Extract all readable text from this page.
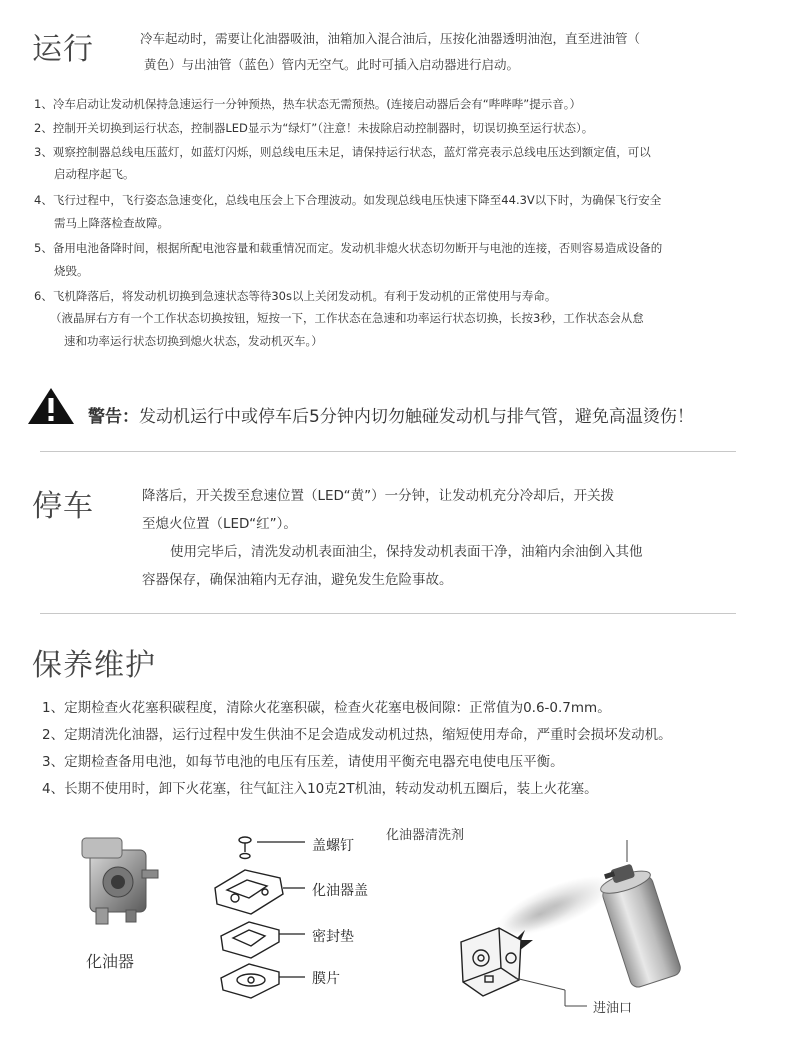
运行	冷车起动时，需要让化油器吸油，油箱加入混合油后，压按化油器透明油泡，直至进油管（
黄色）与出油管（蓝色）管内无空气。此时可插入启动器进行启动。
1、冷车启动让发动机保持急速运行一分钟预热，热车状态无需预热。(连接启动器后会有“哔哔哔”提示音。）
2、控制开关切换到运行状态，控制器LED显示为“绿灯”（注意！未拔除启动控制器时，切误切换至运行状态）。
3、观察控制器总线电压蓝灯，如蓝灯闪烁，则总线电压未足，请保持运行状态，蓝灯常亮表示总线电压达到额定值，可以
启动程序起飞。
4、飞行过程中，飞行姿态急速变化，总线电压会上下合理波动。如发现总线电压快速下降至44.3V以下时，为确保飞行安全
需马上降落检查故障。
5、备用电池备降时间，根据所配电池容量和载重情况而定。发动机非熄火状态切勿断开与电池的连接，否则容易造成设备的
烧毁。
6、飞机降落后，将发动机切换到急速状态等待30s以上关闭发动机。有利于发动机的正常使用与寿命。
（液晶屏右方有一个工作状态切换按钮，短按一下，工作状态在急速和功率运行状态切换，长按3秒，工作状态会从怠
速和功率运行状态切换到熄火状态，发动机灭车。）
警告：发动机运行中或停车后5分钟内切勿触碰发动机与排气管，避免高温烫伤！
停车	降落后，开关拨至怠速位置（LED“黄”）一分钟，让发动机充分冷却后，开关拨
至熄火位置（LED“红”）。
使用完毕后，清洗发动机表面油尘，保持发动机表面干净，油箱内余油倒入其他
容器保存，确保油箱内无存油，避免发生危险事故。
保养维护
1、定期检查火花塞积碳程度，清除火花塞积碳，检查火花塞电极间隙：正常值为0.6-0.7mm。
2、定期清洗化油器，运行过程中发生供油不足会造成发动机过热，缩短使用寿命，严重时会损坏发动机。
3、定期检查备用电池，如每节电池的电压有压差，请使用平衡充电器充电使电压平衡。
4、长期不使用时，卸下火花塞，往气缸注入10克2T机油，转动发动机五圈后，装上火花塞。
化油器
盖螺钉
化油器盖
密封垫
膜片
化油器清洗剂
进油口
